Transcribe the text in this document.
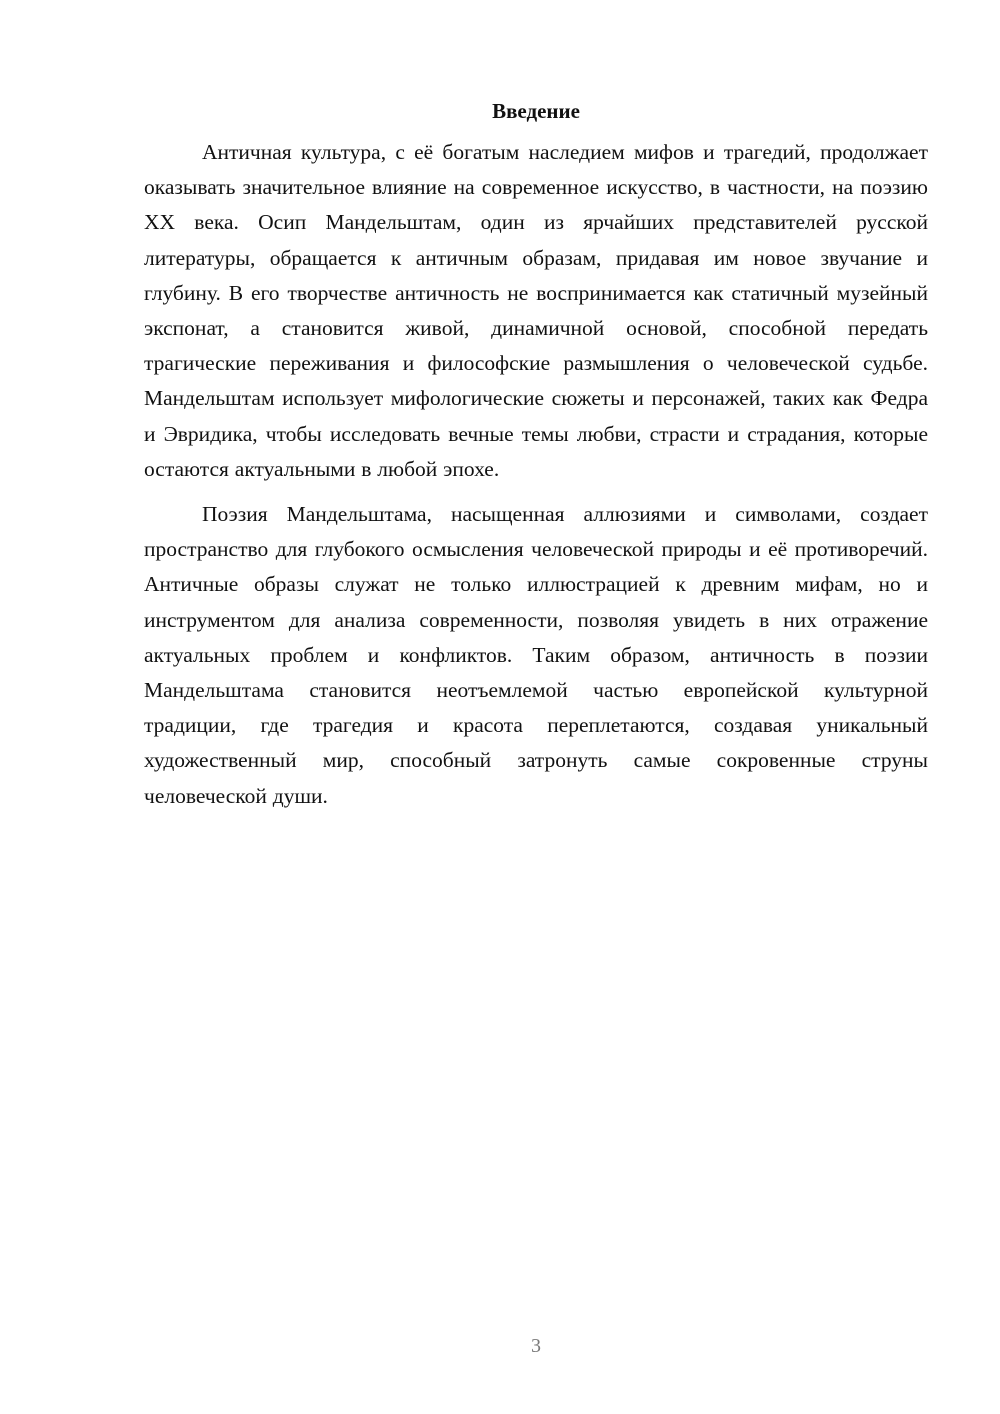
Введение

Античная культура, с её богатым наследием мифов и трагедий, продолжает оказывать значительное влияние на современное искусство, в частности, на поэзию XX века. Осип Мандельштам, один из ярчайших представителей русской литературы, обращается к античным образам, придавая им новое звучание и глубину. В его творчестве античность не воспринимается как статичный музейный экспонат, а становится живой, динамичной основой, способной передать трагические переживания и философские размышления о человеческой судьбе. Мандельштам использует мифологические сюжеты и персонажей, таких как Федра и Эвридика, чтобы исследовать вечные темы любви, страсти и страдания, которые остаются актуальными в любой эпохе.

Поэзия Мандельштама, насыщенная аллюзиями и символами, создает пространство для глубокого осмысления человеческой природы и её противоречий. Античные образы служат не только иллюстрацией к древним мифам, но и инструментом для анализа современности, позволяя увидеть в них отражение актуальных проблем и конфликтов. Таким образом, античность в поэзии Мандельштама становится неотъемлемой частью европейской культурной традиции, где трагедия и красота переплетаются, создавая уникальный художественный мир, способный затронуть самые сокровенные струны человеческой души.

3
